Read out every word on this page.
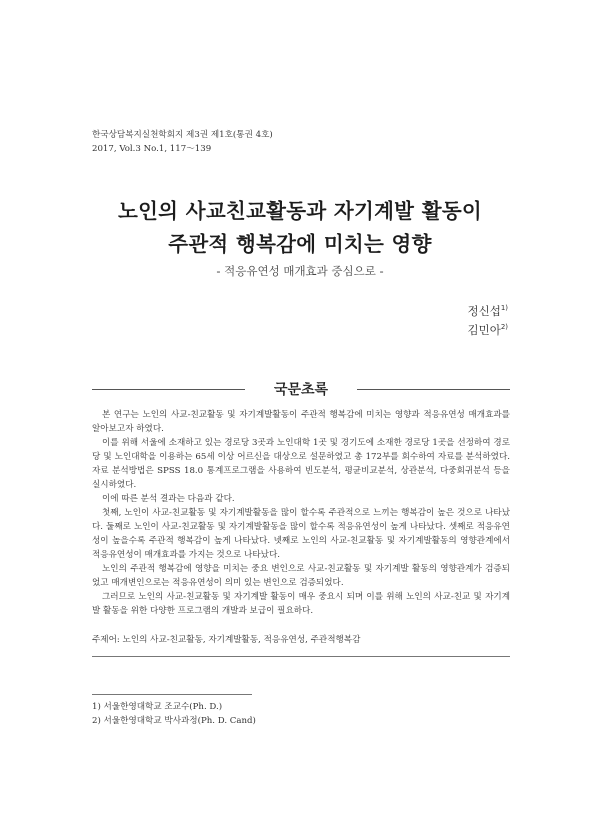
한국상담복지실천학회지 제3권 제1호(통권 4호)
2017, Vol.3 No.1, 117～139
노인의 사교친교활동과 자기계발 활동이
주관적 행복감에 미치는 영향
- 적응유연성 매개효과 중심으로 -
정신섭$^{1)}$
김민아$^{2)}$
국문초록

본 연구는 노인의 사교-친교활동 및 자기계발활동이 주관적 행복감에 미치는 영향과 적응유연성 매개효과를 알아보고자 하였다.

이를 위해 서울에 소재하고 있는 경로당 3곳과 노인대학 1곳 및 경기도에 소재한 경로당 1곳을 선정하여 경로당 및 노인대학을 이용하는 65세 이상 어르신을 대상으로 설문하였고 총 172부를 회수하여 자료를 분석하였다. 자료 분석방법은 SPSS 18.0 통계프로그램을 사용하여 빈도분석, 평균비교분석, 상관분석, 다중회귀분석 등을 실시하였다.

이에 따른 분석 결과는 다음과 같다.

첫째, 노인이 사교-친교활동 및 자기계발활동을 많이 할수록 주관적으로 느끼는 행복감이 높은 것으로 나타났다. 둘째로 노인이 사교-친교활동 및 자기계발활동을 많이 할수록 적응유연성이 높게 나타났다. 셋째로 적응유연성이 높을수록 주관적 행복감이 높게 나타났다. 넷째로 노인의 사교-친교활동 및 자기계발활동의 영향관계에서 적응유연성이 매개효과를 가지는 것으로 나타났다.

노인의 주관적 행복감에 영향을 미치는 중요 변인으로 사교-친교활동 및 자기계발 활동의 영향관계가 검증되었고 매개변인으로는 적응유연성이 의미 있는 변인으로 검증되었다.

그러므로 노인의 사교-친교활동 및 자기계발 활동이 매우 중요시 되며 이를 위해 노인의 사교-친교 및 자기계발 활동을 위한 다양한 프로그램의 개발과 보급이 필요하다.

주제어: 노인의 사교-친교활동, 자기계발활동, 적응유연성, 주관적행복감
1) 서울한영대학교 조교수(Ph. D.)
2) 서울한영대학교 박사과정(Ph. D. Cand)
